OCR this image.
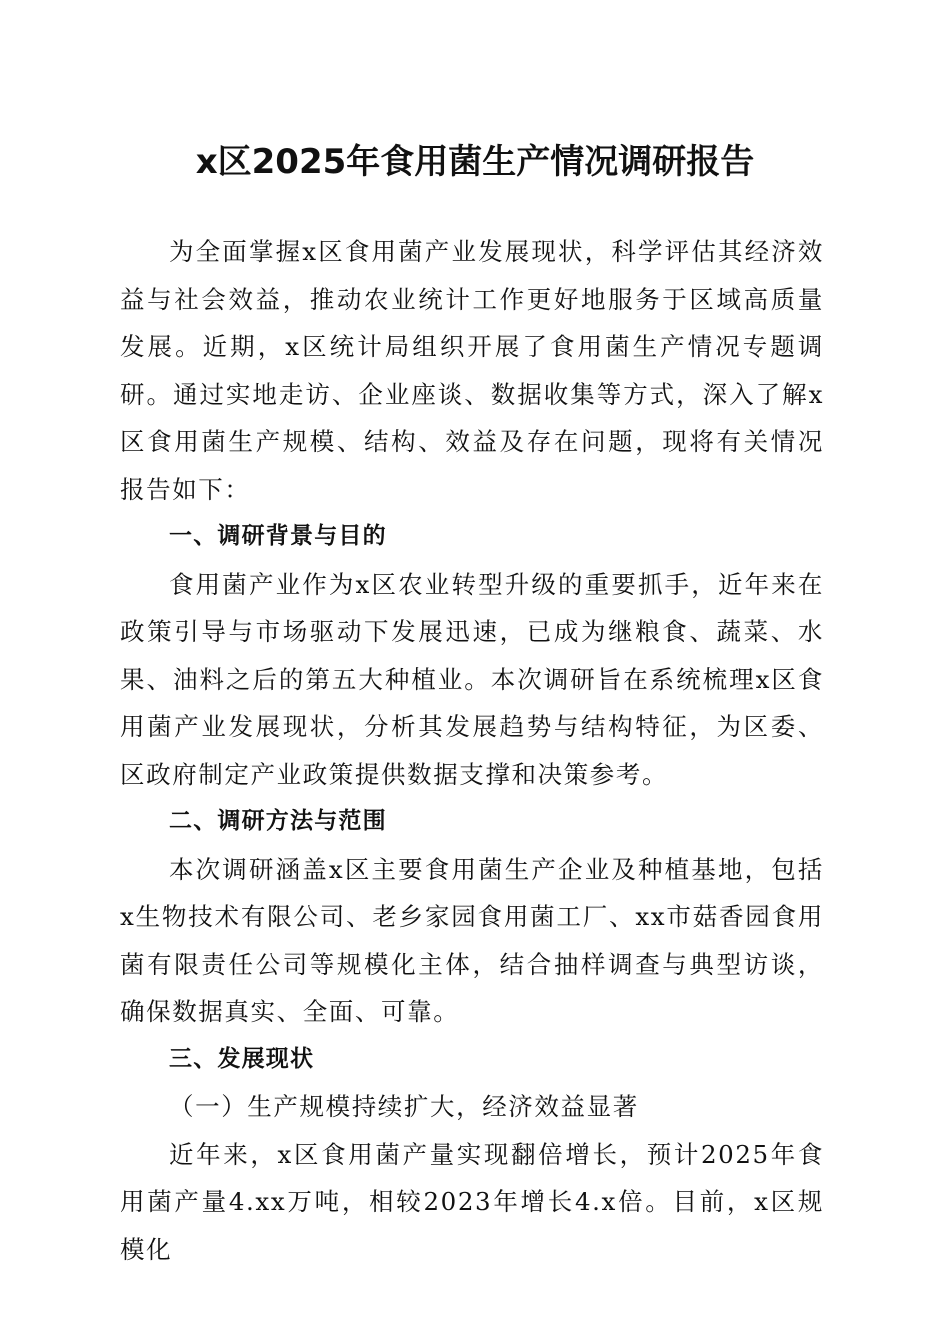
x区2025年食用菌生产情况调研报告

为全面掌握x区食用菌产业发展现状，科学评估其经济效益与社会效益，推动农业统计工作更好地服务于区域高质量发展。近期，x区统计局组织开展了食用菌生产情况专题调研。通过实地走访、企业座谈、数据收集等方式，深入了解x区食用菌生产规模、结构、效益及存在问题，现将有关情况报告如下：

一、调研背景与目的

食用菌产业作为x区农业转型升级的重要抓手，近年来在政策引导与市场驱动下发展迅速，已成为继粮食、蔬菜、水果、油料之后的第五大种植业。本次调研旨在系统梳理x区食用菌产业发展现状，分析其发展趋势与结构特征，为区委、区政府制定产业政策提供数据支撑和决策参考。

二、调研方法与范围

本次调研涵盖x区主要食用菌生产企业及种植基地，包括x生物技术有限公司、老乡家园食用菌工厂、xx市菇香园食用菌有限责任公司等规模化主体，结合抽样调查与典型访谈，确保数据真实、全面、可靠。

三、发展现状

（一）生产规模持续扩大，经济效益显著

近年来，x区食用菌产量实现翻倍增长，预计2025年食用菌产量4.xx万吨，相较2023年增长4.x倍。目前，x区规模化
